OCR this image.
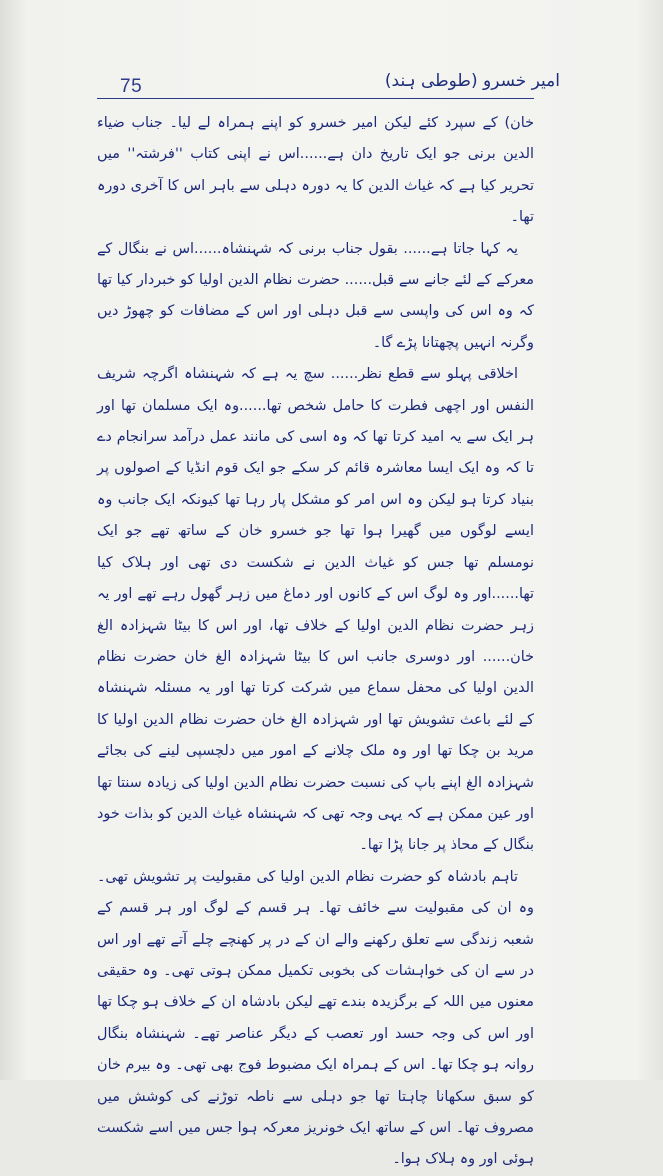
75	امیر خسرو (طوطی ہند)

خان) کے سپرد کئے لیکن امیر خسرو کو اپنے ہمراہ لے لیا۔ جناب ضیاء الدین برنی جو ایک تاریخ دان ہے......اس نے اپنی کتاب ''فرشتہ'' میں تحریر کیا ہے کہ غیاث الدین کا یہ دورہ دہلی سے باہر اس کا آخری دورہ تھا۔

یہ کہا جاتا ہے...... بقول جناب برنی کہ شہنشاہ......اس نے بنگال کے معرکے کے لئے جانے سے قبل...... حضرت نظام الدین اولیا کو خبردار کیا تھا کہ وہ اس کی واپسی سے قبل دہلی اور اس کے مضافات کو چھوڑ دیں وگرنہ انہیں پچھتانا پڑے گا۔

اخلاقی پہلو سے قطع نظر...... سچ یہ ہے کہ شہنشاہ اگرچہ شریف النفس اور اچھی فطرت کا حامل شخص تھا......وہ ایک مسلمان تھا اور ہر ایک سے یہ امید کرتا تھا کہ وہ اسی کی مانند عمل درآمد سرانجام دے تا کہ وہ ایک ایسا معاشرہ قائم کر سکے جو ایک قوم انڈیا کے اصولوں پر بنیاد کرتا ہو لیکن وہ اس امر کو مشکل پار رہا تھا کیونکہ ایک جانب وہ ایسے لوگوں میں گھیرا ہوا تھا جو خسرو خان کے ساتھ تھے جو ایک نومسلم تھا جس کو غیاث الدین نے شکست دی تھی اور ہلاک کیا تھا......اور وہ لوگ اس کے کانوں اور دماغ میں زہر گھول رہے تھے اور یہ زہر حضرت نظام الدین اولیا کے خلاف تھا، اور اس کا بیٹا شہزادہ الغ خان...... اور دوسری جانب اس کا بیٹا شہزادہ الغ خان حضرت نظام الدین اولیا کی محفل سماع میں شرکت کرتا تھا اور یہ مسئلہ شہنشاہ کے لئے باعث تشویش تھا اور شہزادہ الغ خان حضرت نظام الدین اولیا کا مرید بن چکا تھا اور وہ ملک چلانے کے امور میں دلچسپی لینے کی بجائے شہزادہ الغ اپنے باپ کی نسبت حضرت نظام الدین اولیا کی زیادہ سنتا تھا اور عین ممکن ہے کہ یہی وجہ تھی کہ شہنشاہ غیاث الدین کو بذات خود بنگال کے محاذ پر جانا پڑا تھا۔

تاہم بادشاہ کو حضرت نظام الدین اولیا کی مقبولیت پر تشویش تھی۔ وہ ان کی مقبولیت سے خائف تھا۔ ہر قسم کے لوگ اور ہر قسم کے شعبہ زندگی سے تعلق رکھنے والے ان کے در پر کھنچے چلے آتے تھے اور اس در سے ان کی خواہشات کی بخوبی تکمیل ممکن ہوتی تھی۔ وہ حقیقی معنوں میں اللہ کے برگزیدہ بندے تھے لیکن بادشاہ ان کے خلاف ہو چکا تھا اور اس کی وجہ حسد اور تعصب کے دیگر عناصر تھے۔ شہنشاہ بنگال روانہ ہو چکا تھا۔ اس کے ہمراہ ایک مضبوط فوج بھی تھی۔ وہ بیرم خان کو سبق سکھانا چاہتا تھا جو دہلی سے ناطہ توڑنے کی کوشش میں مصروف تھا۔ اس کے ساتھ ایک خونریز معرکہ ہوا جس میں اسے شکست ہوئی اور وہ ہلاک ہوا۔
